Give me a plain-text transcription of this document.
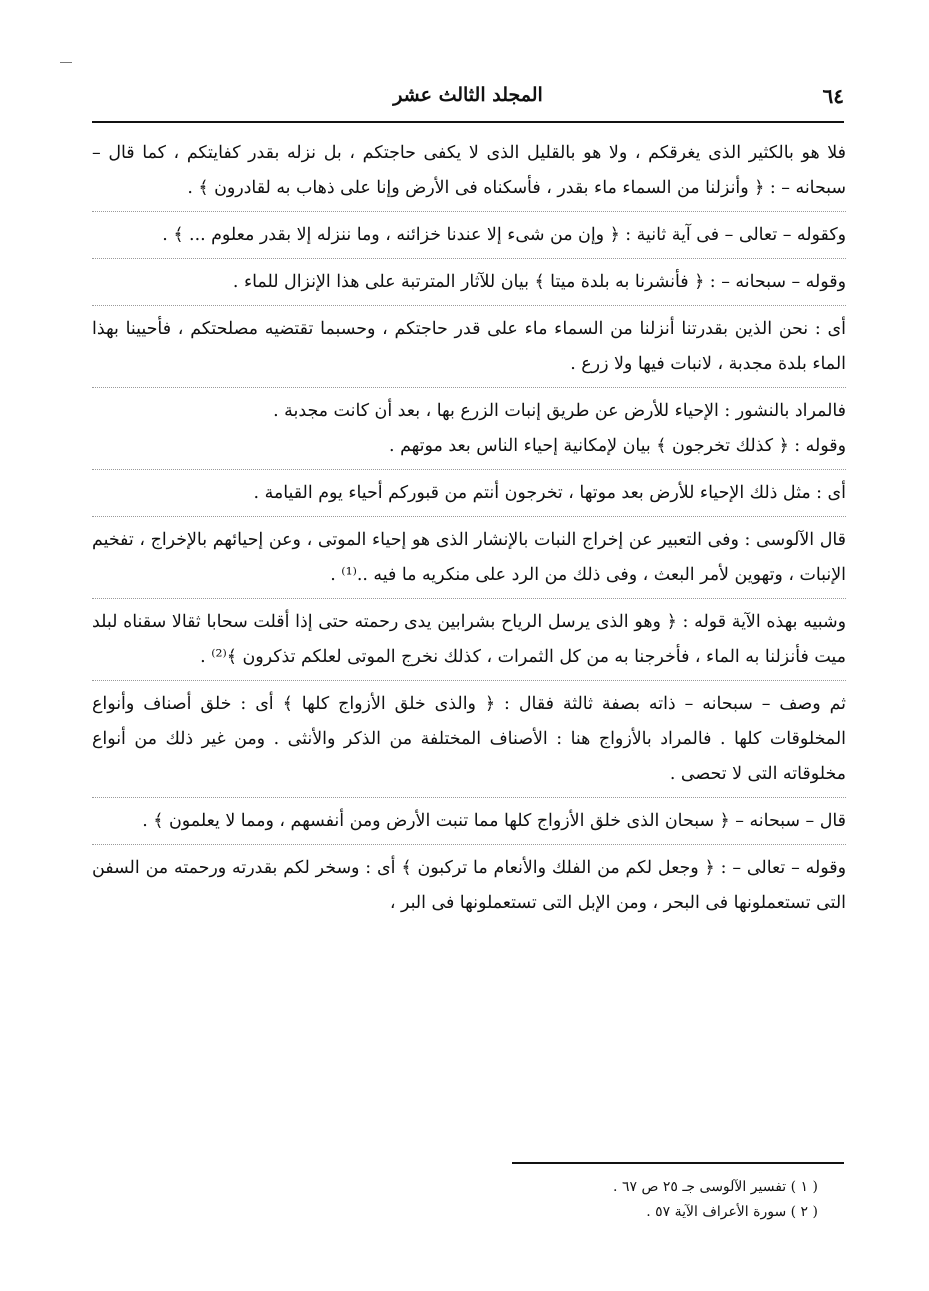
٦٤
المجلد الثالث عشر

فلا هو بالكثير الذى يغرقكم ، ولا هو بالقليل الذى لا يكفى حاجتكم ، بل نزله بقدر كفايتكم ، كما قال – سبحانه – : ﴿ وأنزلنا من السماء ماء بقدر ، فأسكناه فى الأرض وإنا على ذهاب به لقادرون ﴾ .

وكقوله – تعالى – فى آية ثانية : ﴿ وإن من شىء إلا عندنا خزائنه ، وما ننزله إلا بقدر معلوم ... ﴾ .

وقوله – سبحانه – : ﴿ فأنشرنا به بلدة ميتا ﴾ بيان للآثار المترتبة على هذا الإنزال للماء .

أى : نحن الذين بقدرتنا أنزلنا من السماء ماء على قدر حاجتكم ، وحسبما تقتضيه مصلحتكم ، فأحيينا بهذا الماء بلدة مجدبة ، لانبات فيها ولا زرع .

فالمراد بالنشور : الإحياء للأرض عن طريق إنبات الزرع بها ، بعد أن كانت مجدبة .

وقوله : ﴿ كذلك تخرجون ﴾ بيان لإمكانية إحياء الناس بعد موتهم .

أى : مثل ذلك الإحياء للأرض بعد موتها ، تخرجون أنتم من قبوركم أحياء يوم القيامة .

قال الآلوسى : وفى التعبير عن إخراج النبات بالإنشار الذى هو إحياء الموتى ، وعن إحيائهم بالإخراج ، تفخيم الإنبات ، وتهوين لأمر البعث ، وفى ذلك من الرد على منكريه ما فيه ..⁽¹⁾ .

وشبيه بهذه الآية قوله : ﴿ وهو الذى يرسل الرياح بشرابين يدى رحمته حتى إذا أقلت سحابا ثقالا سقناه لبلد ميت فأنزلنا به الماء ، فأخرجنا به من كل الثمرات ، كذلك نخرج الموتى لعلكم تذكرون ﴾⁽²⁾ .

ثم وصف – سبحانه – ذاته بصفة ثالثة فقال : ﴿ والذى خلق الأزواج كلها ﴾ أى : خلق أصناف وأنواع المخلوقات كلها . فالمراد بالأزواج هنا : الأصناف المختلفة من الذكر والأنثى . ومن غير ذلك من أنواع مخلوقاته التى لا تحصى .

قال – سبحانه – ﴿ سبحان الذى خلق الأزواج كلها مما تنبت الأرض ومن أنفسهم ، ومما لا يعلمون ﴾ .

وقوله – تعالى – : ﴿ وجعل لكم من الفلك والأنعام ما تركبون ﴾ أى : وسخر لكم بقدرته ورحمته من السفن التى تستعملونها فى البحر ، ومن الإبل التى تستعملونها فى البر ،

( ١ ) تفسير الآلوسى جـ ٢٥ ص ٦٧ .

( ٢ ) سورة الأعراف الآية ٥٧ .
